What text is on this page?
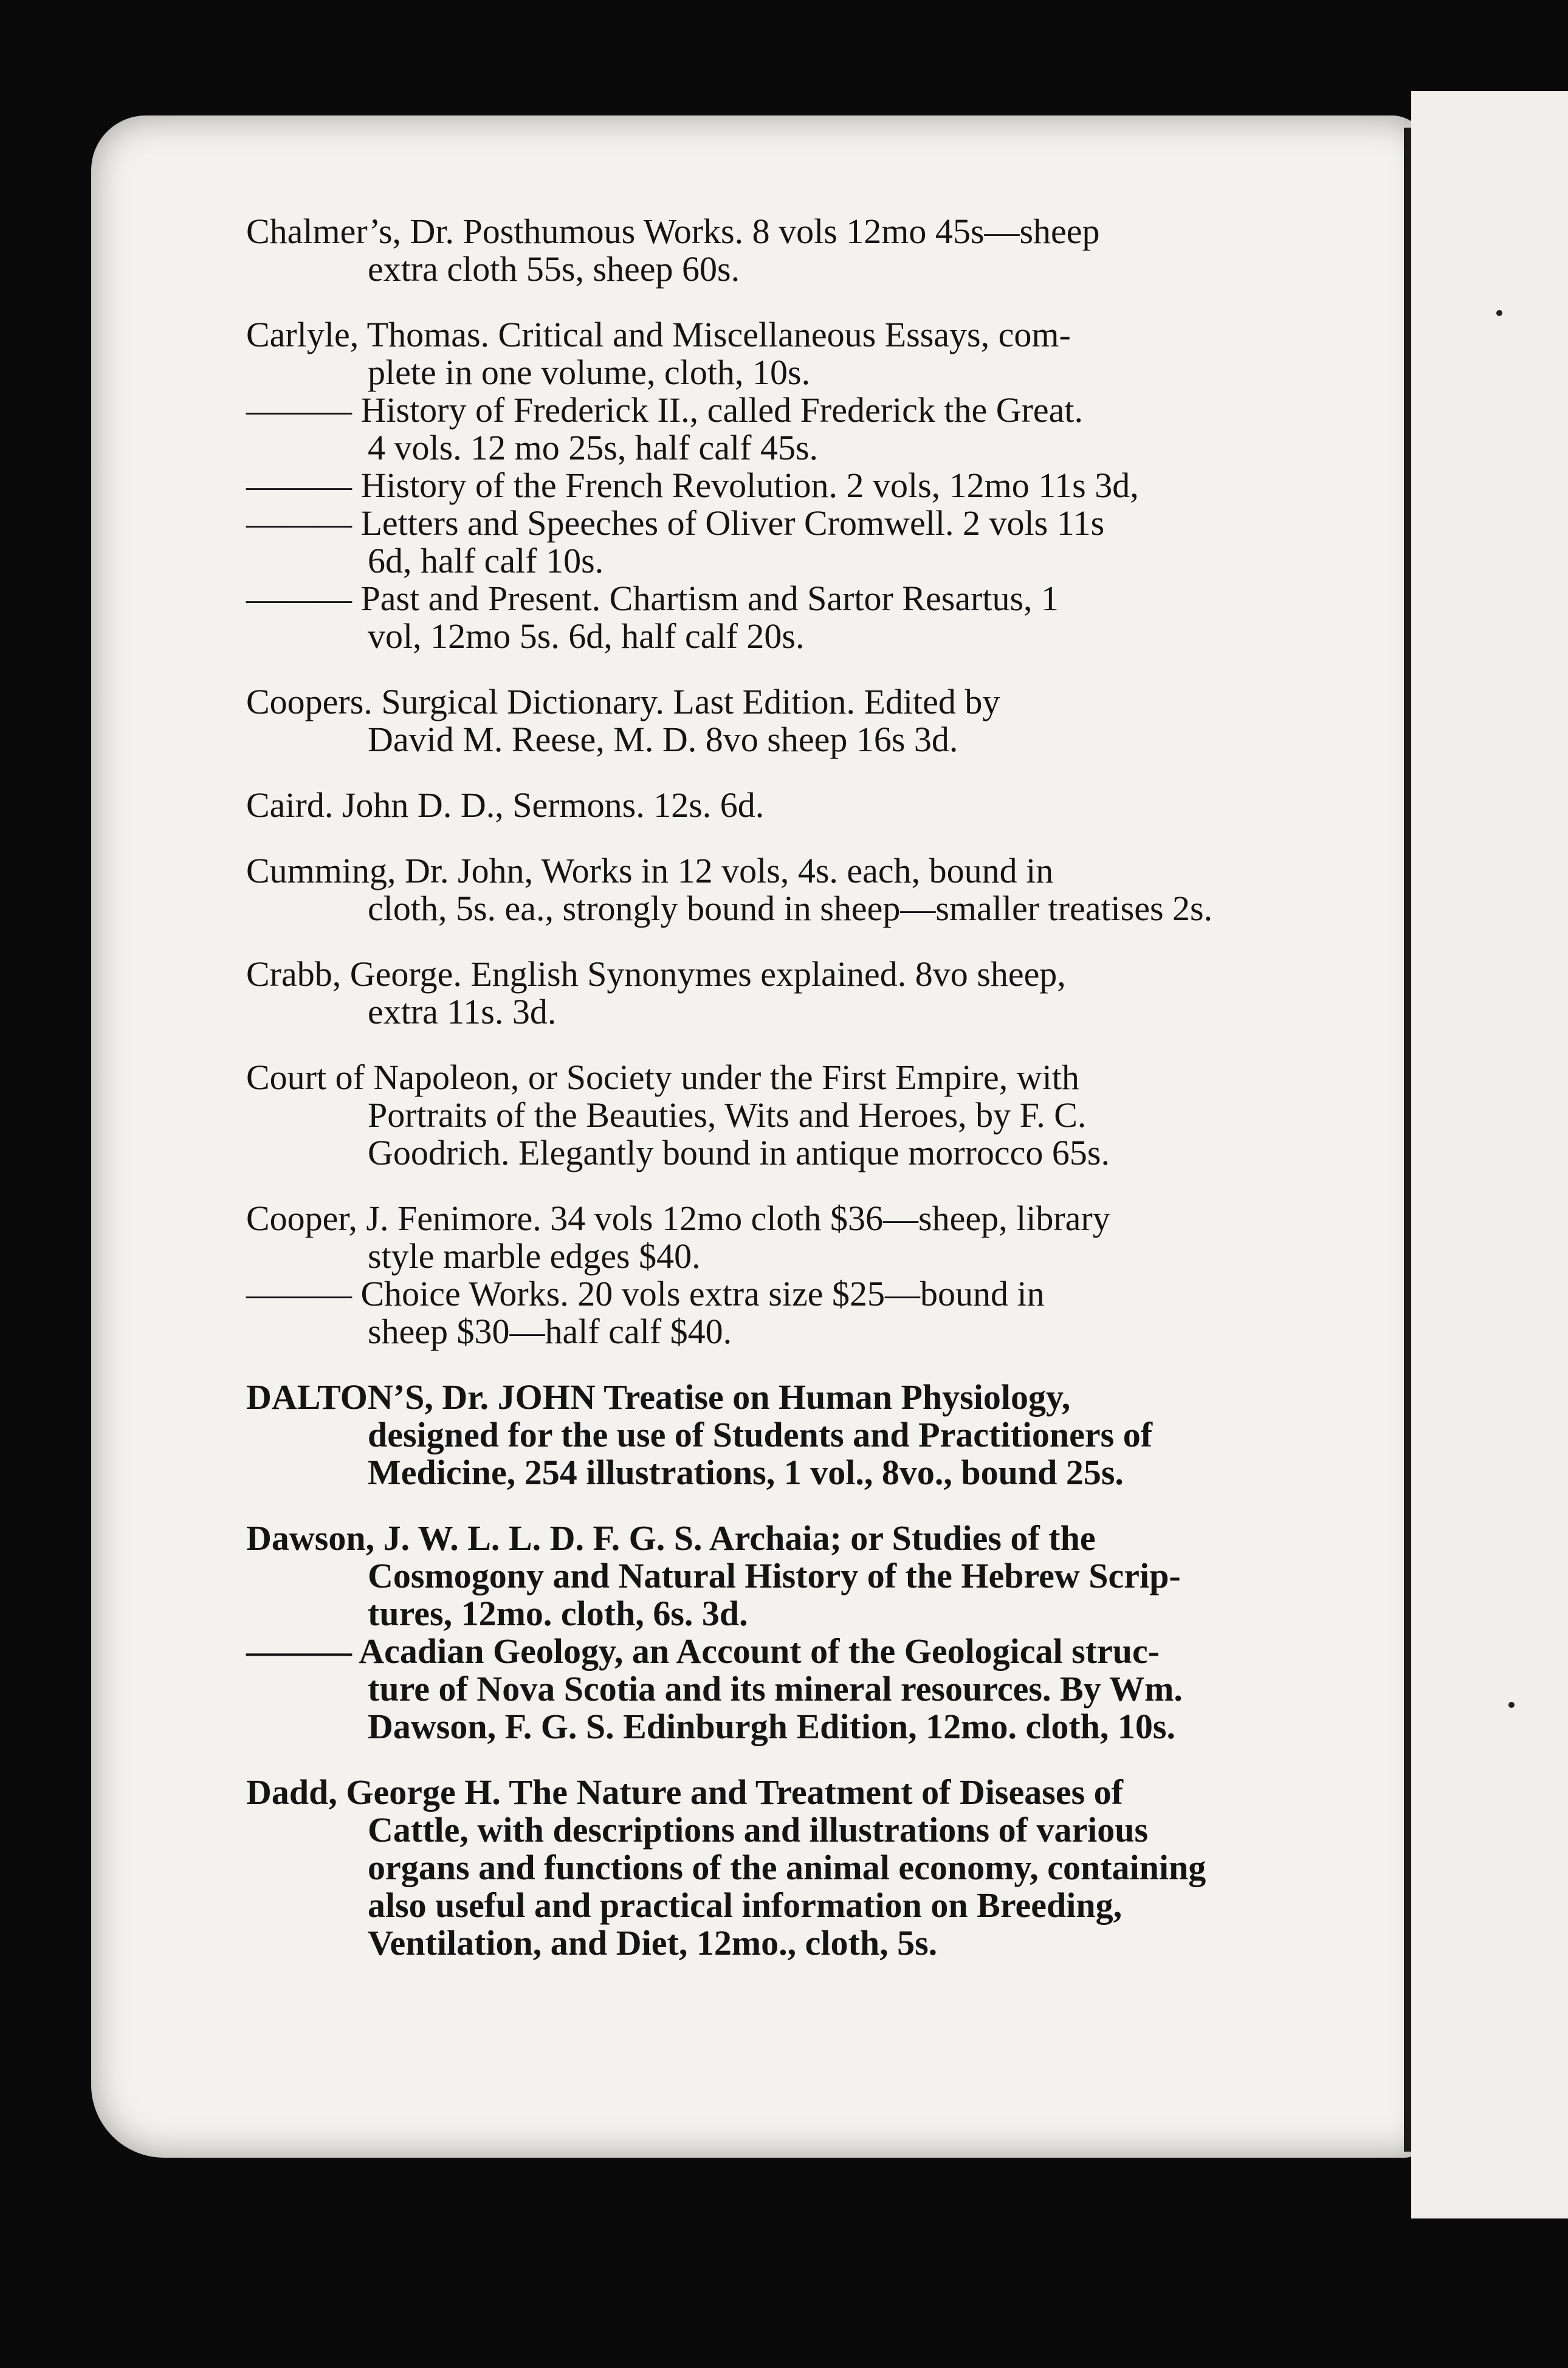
Chalmer’s, Dr. Posthumous Works. 8 vols 12mo 45s—sheep
extra cloth 55s, sheep 60s.
Carlyle, Thomas. Critical and Miscellaneous Essays, com-
plete in one volume, cloth, 10s.
——— History of Frederick II., called Frederick the Great.
4 vols. 12 mo 25s, half calf 45s.
——— History of the French Revolution. 2 vols, 12mo 11s 3d,
——— Letters and Speeches of Oliver Cromwell. 2 vols 11s
6d, half calf 10s.
——— Past and Present. Chartism and Sartor Resartus, 1
vol, 12mo 5s. 6d, half calf 20s.
Coopers. Surgical Dictionary. Last Edition. Edited by
David M. Reese, M. D. 8vo sheep 16s 3d.
Caird. John D. D., Sermons. 12s. 6d.
Cumming, Dr. John, Works in 12 vols, 4s. each, bound in
cloth, 5s. ea., strongly bound in sheep—smaller treatises 2s.
Crabb, George. English Synonymes explained. 8vo sheep,
extra 11s. 3d.
Court of Napoleon, or Society under the First Empire, with
Portraits of the Beauties, Wits and Heroes, by F. C.
Goodrich. Elegantly bound in antique morrocco 65s.
Cooper, J. Fenimore. 34 vols 12mo cloth $36—sheep, library
style marble edges $40.
——— Choice Works. 20 vols extra size $25—bound in
sheep $30—half calf $40.
DALTON’S, Dr. JOHN Treatise on Human Physiology,
designed for the use of Students and Practitioners of
Medicine, 254 illustrations, 1 vol., 8vo., bound 25s.
Dawson, J. W. L. L. D. F. G. S. Archaia; or Studies of the
Cosmogony and Natural History of the Hebrew Scrip-
tures, 12mo. cloth, 6s. 3d.
——— Acadian Geology, an Account of the Geological struc-
ture of Nova Scotia and its mineral resources. By Wm.
Dawson, F. G. S. Edinburgh Edition, 12mo. cloth, 10s.
Dadd, George H. The Nature and Treatment of Diseases of
Cattle, with descriptions and illustrations of various
organs and functions of the animal economy, containing
also useful and practical information on Breeding,
Ventilation, and Diet, 12mo., cloth, 5s.
